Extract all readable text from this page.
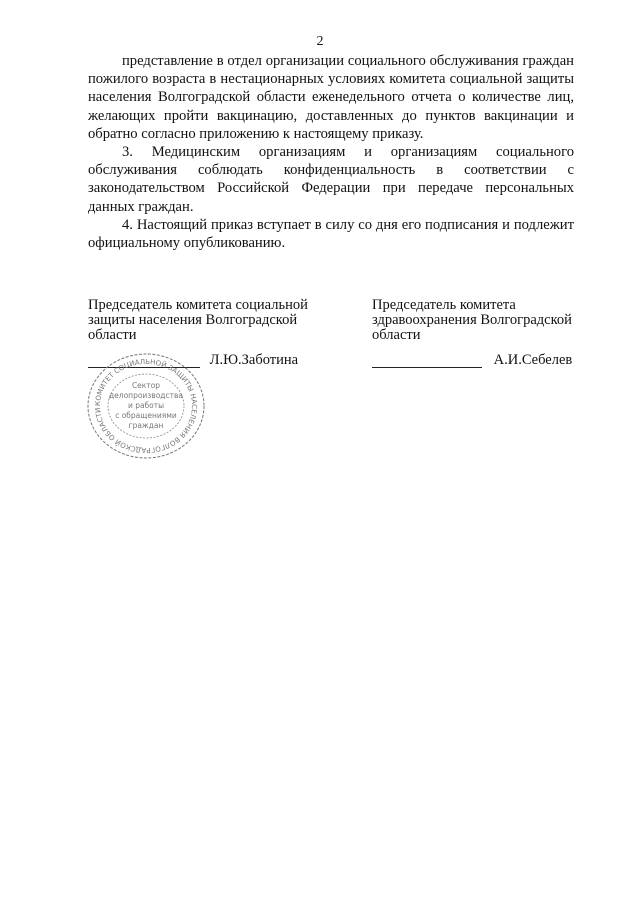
2

представление в отдел организации социального обслуживания граждан пожилого возраста в нестационарных условиях комитета социальной защиты населения Волгоградской области еженедельного отчета о количестве лиц, желающих пройти вакцинацию, доставленных до пунктов вакцинации и обратно согласно приложению к настоящему приказу.

3. Медицинским организациям и организациям социального обслуживания соблюдать конфиденциальность в соответствии с законодательством Российской Федерации при передаче персональных данных граждан.

4. Настоящий приказ вступает в силу со дня его подписания и подлежит официальному опубликованию.

Председатель комитета социальной защиты населения Волгоградской области
Л.Ю.Заботина
Председатель комитета здравоохранения Волгоградской области
А.И.Себелев
КОМИТЕТ СОЦИАЛЬНОЙ ЗАЩИТЫ НАСЕЛЕНИЯ ВОЛГОГРАДСКОЙ ОБЛАСТИ
Сектор
делопроизводства
и работы
с обращениями
граждан
